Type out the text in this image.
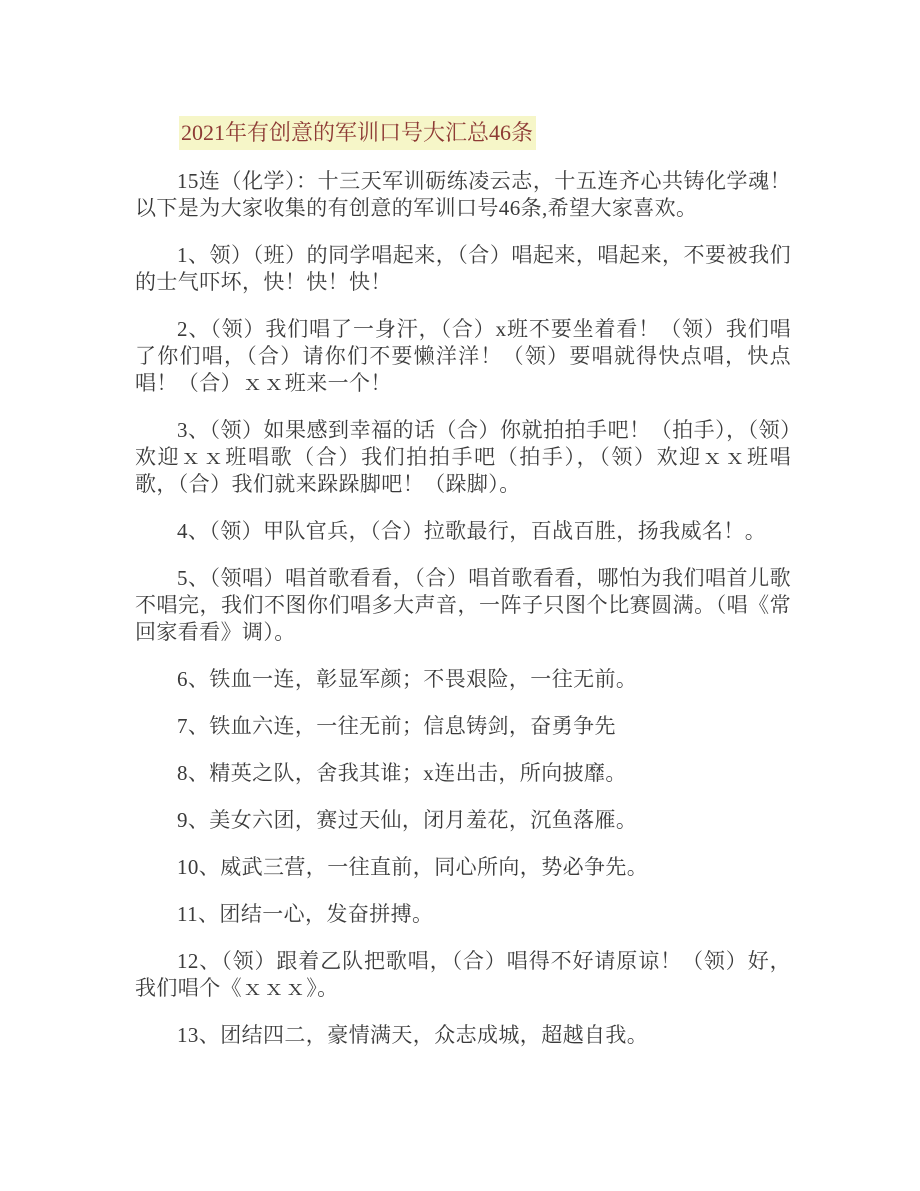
2021年有创意的军训口号大汇总46条

15连（化学）：十三天军训砺练凌云志，十五连齐心共铸化学魂！以下是为大家收集的有创意的军训口号46条,希望大家喜欢。

1、领）（班）的同学唱起来，（合）唱起来，唱起来，不要被我们的士气吓坏，快！快！快！

2、（领）我们唱了一身汗，（合）x班不要坐着看！（领）我们唱了你们唱，（合）请你们不要懒洋洋！（领）要唱就得快点唱，快点唱！（合）ｘｘ班来一个！

3、（领）如果感到幸福的话（合）你就拍拍手吧！（拍手），（领）欢迎ｘｘ班唱歌（合）我们拍拍手吧（拍手），（领）欢迎ｘｘ班唱歌，（合）我们就来跺跺脚吧！（跺脚）。

4、（领）甲队官兵，（合）拉歌最行，百战百胜，扬我威名！。

5、（领唱）唱首歌看看，（合）唱首歌看看，哪怕为我们唱首儿歌不唱完，我们不图你们唱多大声音，一阵子只图个比赛圆满。（唱《常回家看看》调）。

6、铁血一连，彰显军颜；不畏艰险，一往无前。

7、铁血六连，一往无前；信息铸剑，奋勇争先

8、精英之队，舍我其谁；x连出击，所向披靡。

9、美女六团，赛过天仙，闭月羞花，沉鱼落雁。

10、威武三营，一往直前，同心所向，势必争先。

11、团结一心，发奋拼搏。

12、（领）跟着乙队把歌唱，（合）唱得不好请原谅！（领）好，我们唱个《ｘｘｘ》。

13、团结四二，豪情满天，众志成城，超越自我。
